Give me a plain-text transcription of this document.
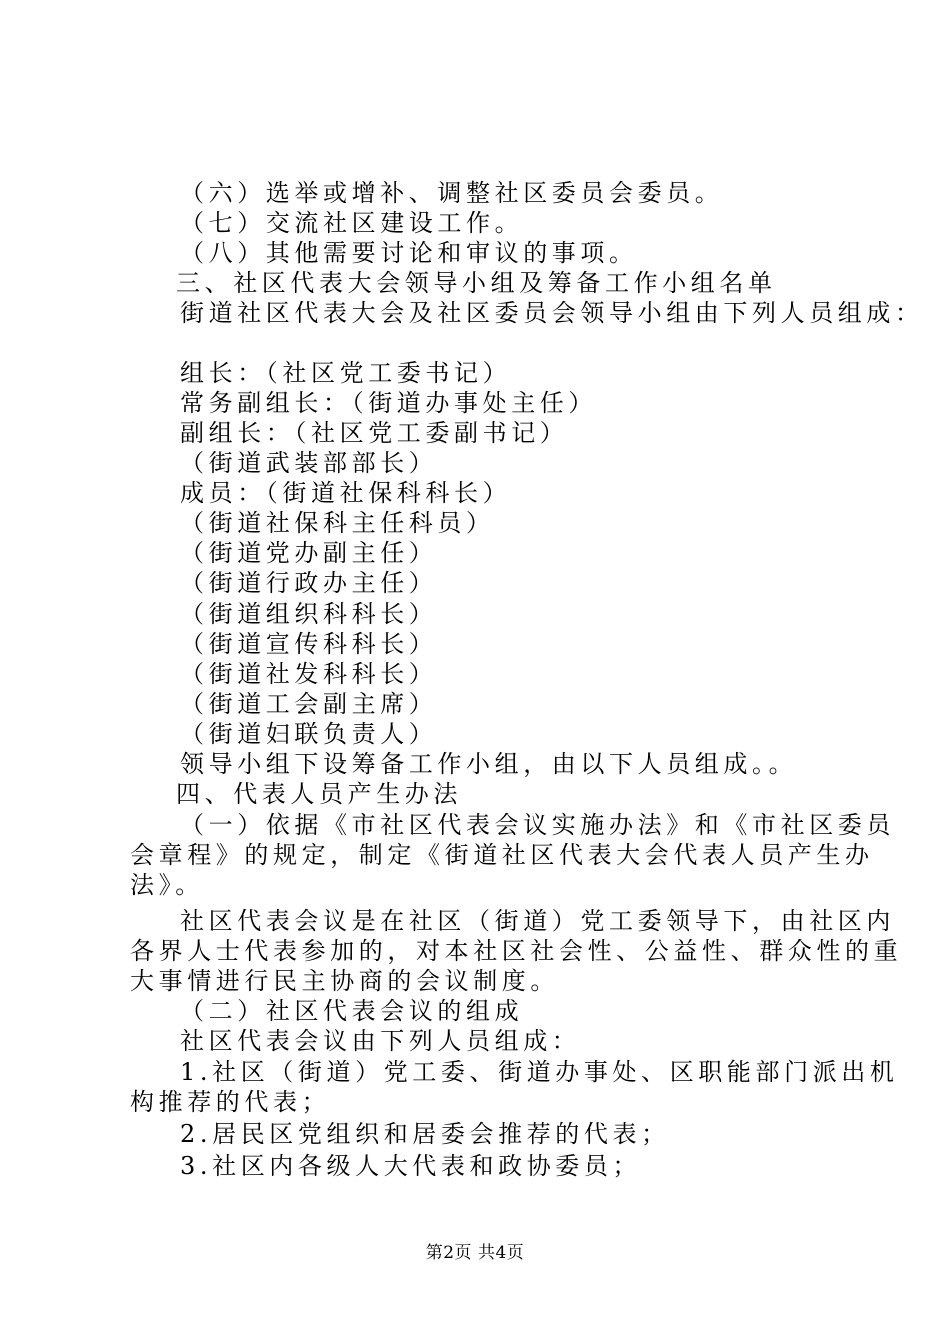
（六）选举或增补、调整社区委员会委员。
（七）交流社区建设工作。
（八）其他需要讨论和审议的事项。
三、社区代表大会领导小组及筹备工作小组名单
街道社区代表大会及社区委员会领导小组由下列人员组成：
组长：（社区党工委书记）
常务副组长：（街道办事处主任）
副组长：（社区党工委副书记）
（街道武装部部长）
成员：（街道社保科科长）
（街道社保科主任科员）
（街道党办副主任）
（街道行政办主任）
（街道组织科科长）
（街道宣传科科长）
（街道社发科科长）
（街道工会副主席）
（街道妇联负责人）
领导小组下设筹备工作小组，由以下人员组成。。
四、代表人员产生办法
（一）依据《市社区代表会议实施办法》和《市社区委员
会章程》的规定，制定《街道社区代表大会代表人员产生办
法》。
社区代表会议是在社区（街道）党工委领导下，由社区内
各界人士代表参加的，对本社区社会性、公益性、群众性的重
大事情进行民主协商的会议制度。
（二）社区代表会议的组成
社区代表会议由下列人员组成：
1.社区（街道）党工委、街道办事处、区职能部门派出机
构推荐的代表；
2.居民区党组织和居委会推荐的代表；
3.社区内各级人大代表和政协委员；
第2页 共4页
